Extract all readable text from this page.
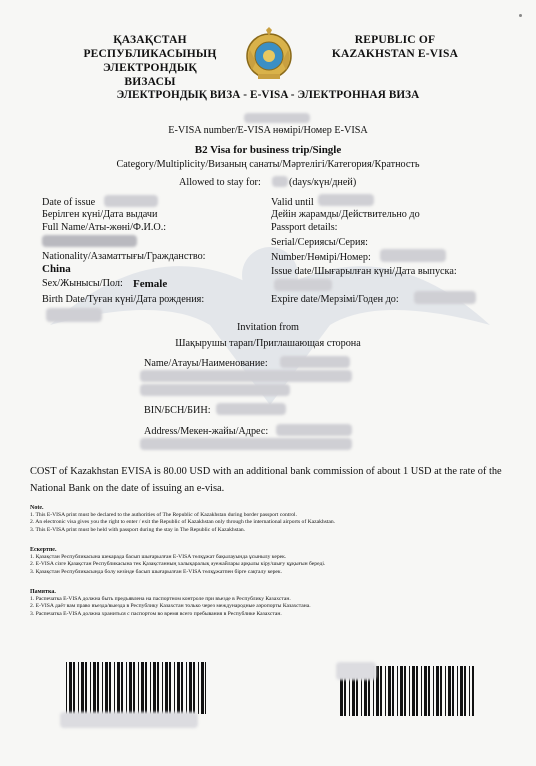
ҚАЗАҚСТАН
РЕСПУБЛИКАСЫНЫҢ
ЭЛЕКТРОНДЫҚ ВИЗАСЫ
REPUBLIC OF
KAZAKHSTAN E-VISA
ЭЛЕКТРОНДЫҚ ВИЗА - E-VISA - ЭЛЕКТРОННАЯ ВИЗА
E-VISA number/E-VISA нөмірі/Номер E-VISA
B2 Visa for business trip/Single
Category/Multiplicity/Визаның санаты/Мәртелігі/Категория/Кратность
Allowed to stay for:	(days/күн/дней)
Date of issue
Берілген күні/Дата выдачи
Full Name/Аты-жөні/Ф.И.О.:
Nationality/Азаматтығы/Гражданство:
China
Sex/Жынысы/Пол: Female
Birth Date/Туған күні/Дата рождения:
Valid until
Дейін жарамды/Действительно до
Passport details:
Serial/Сериясы/Серия:
Number/Нөмірі/Номер:
Issue date/Шығарылған күні/Дата выпуска:
Expire date/Мерзімі/Годен до:
Invitation from
Шақырушы тарап/Приглашающая сторона
Name/Атауы/Наименование:
BIN/БСН/БИН:
Address/Мекен-жайы/Адрес:
COST of Kazakhstan EVISA is 80.00 USD with an additional bank commission of about 1 USD at the rate of the National Bank on the date of issuing an e-visa.
Note.
1. This E-VISA print must be declared to the authorities of The Republic of Kazakhstan during border passport control.
2. An electronic visa gives you the right to enter / exit the Republic of Kazakhstan only through the international airports of Kazakhstan.
3. This E-VISA print must be held with passport during the stay in The Republic of Kazakhstan.
Ескертпе.
1. Қазақстан Республикасына шекарада басып шығарылған E-VISA төлқұжат бақылауында ұсынылу керек.
2. E-VISA сізге Қазақстан Республикасына тек Қазақстанның халықаралық әуежайлары арқылы кіру/шығу құқығын береді.
3. Қазақстан Республикасында болу кезінде басып шығарылған E-VISA төлқұжатпен бірге сақталу керек.
Памятка.
1. Распечатка E-VISA должна быть предъявлена на паспортном контроле при въезде в Республику Казахстан.
2. E-VISA даёт вам право въезда/выезда в Республику Казахстан только через международные аэропорты Казахстана.
3. Распечатка E-VISA должна храниться с паспортом во время всего пребывания в Республике Казахстан.
